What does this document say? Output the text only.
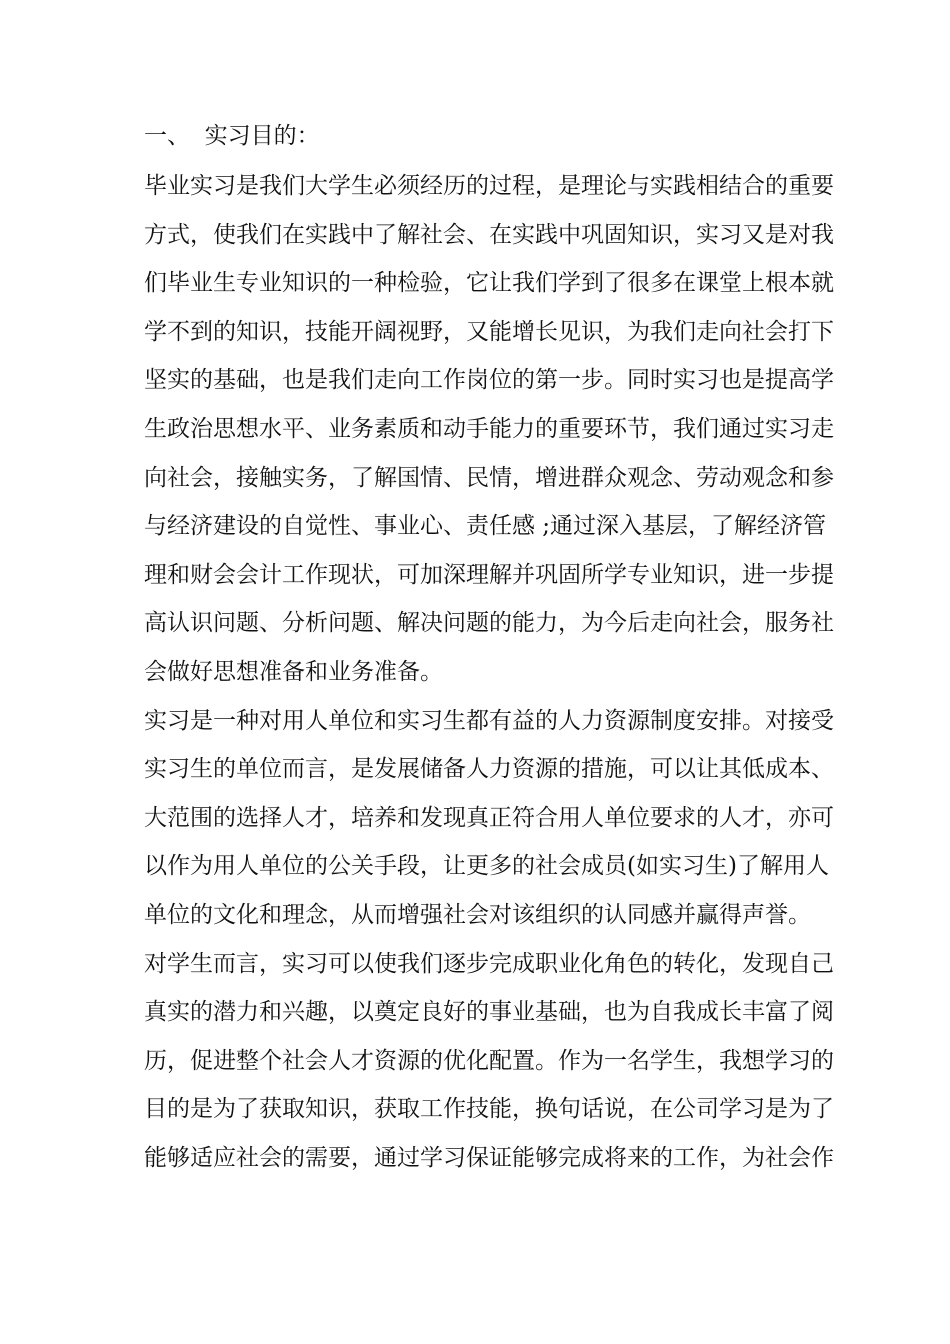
一、  实习目的：

毕业实习是我们大学生必须经历的过程，是理论与实践相结合的重要
方式，使我们在实践中了解社会、在实践中巩固知识，实习又是对我
们毕业生专业知识的一种检验，它让我们学到了很多在课堂上根本就
学不到的知识，技能开阔视野，又能增长见识，为我们走向社会打下
坚实的基础，也是我们走向工作岗位的第一步。同时实习也是提高学
生政治思想水平、业务素质和动手能力的重要环节，我们通过实习走
向社会，接触实务，了解国情、民情，增进群众观念、劳动观念和参
与经济建设的自觉性、事业心、责任感 ;通过深入基层，了解经济管
理和财会会计工作现状，可加深理解并巩固所学专业知识，进一步提
高认识问题、分析问题、解决问题的能力，为今后走向社会，服务社
会做好思想准备和业务准备。

实习是一种对用人单位和实习生都有益的人力资源制度安排。对接受
实习生的单位而言，是发展储备人力资源的措施，可以让其低成本、
大范围的选择人才，培养和发现真正符合用人单位要求的人才，亦可
以作为用人单位的公关手段，让更多的社会成员(如实习生)了解用人
单位的文化和理念，从而增强社会对该组织的认同感并赢得声誉。

对学生而言，实习可以使我们逐步完成职业化角色的转化，发现自己
真实的潜力和兴趣，以奠定良好的事业基础，也为自我成长丰富了阅
历，促进整个社会人才资源的优化配置。作为一名学生，我想学习的
目的是为了获取知识，获取工作技能，换句话说，在公司学习是为了
能够适应社会的需要，通过学习保证能够完成将来的工作，为社会作
